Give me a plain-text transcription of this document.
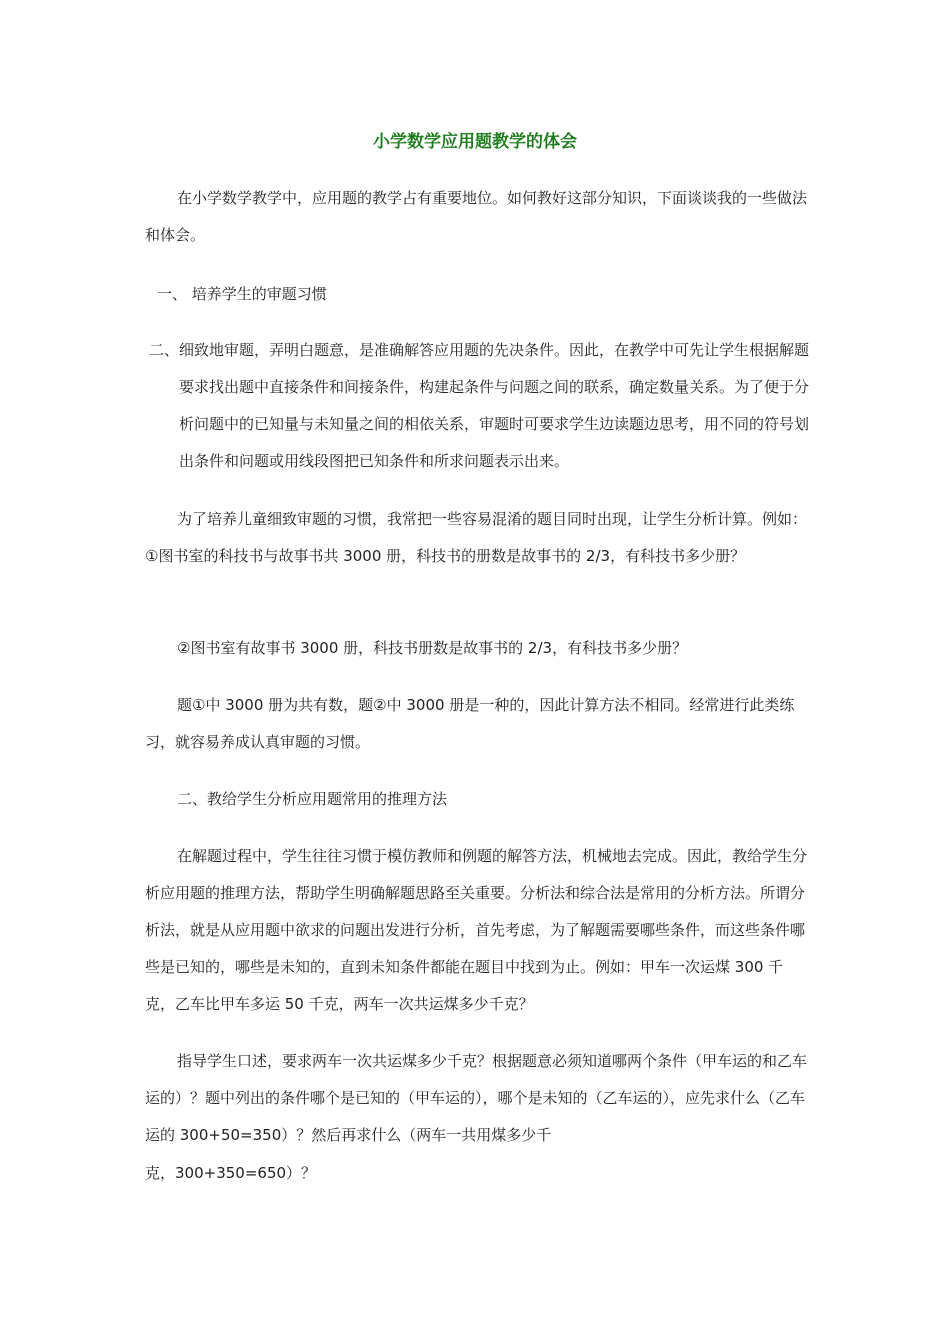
小学数学应用题教学的体会

在小学数学教学中，应用题的教学占有重要地位。如何教好这部分知识，下面谈谈我的一些做法和体会。

一、 培养学生的审题习惯

二、细致地审题，弄明白题意，是准确解答应用题的先决条件。因此，在教学中可先让学生根据解题要求找出题中直接条件和间接条件，构建起条件与问题之间的联系，确定数量关系。为了便于分析问题中的已知量与未知量之间的相依关系，审题时可要求学生边读题边思考，用不同的符号划出条件和问题或用线段图把已知条件和所求问题表示出来。

为了培养儿童细致审题的习惯，我常把一些容易混淆的题目同时出现，让学生分析计算。例如：①图书室的科技书与故事书共 3000 册，科技书的册数是故事书的 2/3，有科技书多少册？

②图书室有故事书 3000 册，科技书册数是故事书的 2/3，有科技书多少册？

题①中 3000 册为共有数，题②中 3000 册是一种的，因此计算方法不相同。经常进行此类练习，就容易养成认真审题的习惯。

二、教给学生分析应用题常用的推理方法

在解题过程中，学生往往习惯于模仿教师和例题的解答方法，机械地去完成。因此，教给学生分析应用题的推理方法，帮助学生明确解题思路至关重要。分析法和综合法是常用的分析方法。所谓分析法，就是从应用题中欲求的问题出发进行分析，首先考虑，为了解题需要哪些条件，而这些条件哪些是已知的，哪些是未知的，直到未知条件都能在题目中找到为止。例如：甲车一次运煤 300 千克，乙车比甲车多运 50 千克，两车一次共运煤多少千克？

指导学生口述，要求两车一次共运煤多少千克？根据题意必须知道哪两个条件（甲车运的和乙车运的）？题中列出的条件哪个是已知的（甲车运的），哪个是未知的（乙车运的），应先求什么（乙车运的 300+50=350）？然后再求什么（两车一共用煤多少千

克，300+350=650）？
